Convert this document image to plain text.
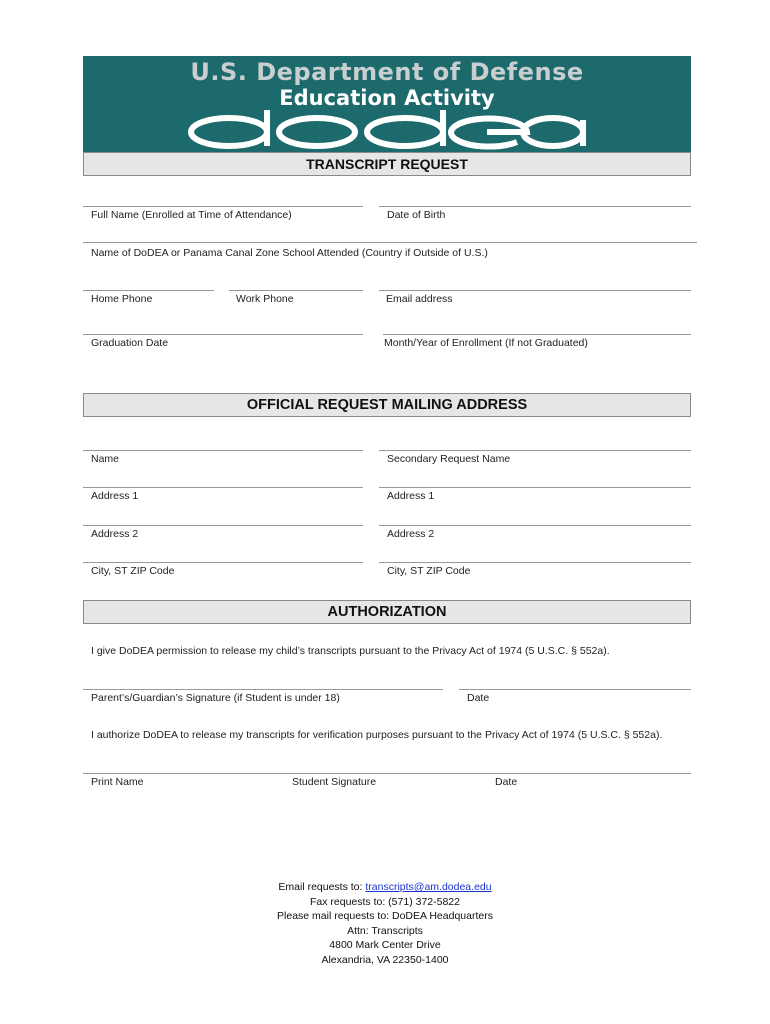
U.S. Department of Defense
Education Activity
TRANSCRIPT REQUEST
Full Name (Enrolled at Time of Attendance)	Date of Birth
Name of DoDEA or Panama Canal Zone School Attended (Country if Outside of U.S.)
Home Phone	Work Phone	Email address
Graduation Date	Month/Year of Enrollment (If not Graduated)
OFFICIAL REQUEST MAILING ADDRESS
Name	Secondary Request Name
Address 1	Address 1
Address 2	Address 2
City, ST ZIP Code	City, ST ZIP Code
AUTHORIZATION
I give DoDEA permission to release my child’s transcripts pursuant to the Privacy Act of 1974 (5 U.S.C. § 552a).
Parent’s/Guardian’s Signature (if Student is under 18)	Date
I authorize DoDEA to release my transcripts for verification purposes pursuant to the Privacy Act of 1974 (5 U.S.C. § 552a).
Print Name	Student Signature	Date
Email requests to: transcripts@am.dodea.edu
Fax requests to: (571) 372-5822
Please mail requests to: DoDEA Headquarters
Attn: Transcripts
4800 Mark Center Drive
Alexandria, VA 22350-1400
